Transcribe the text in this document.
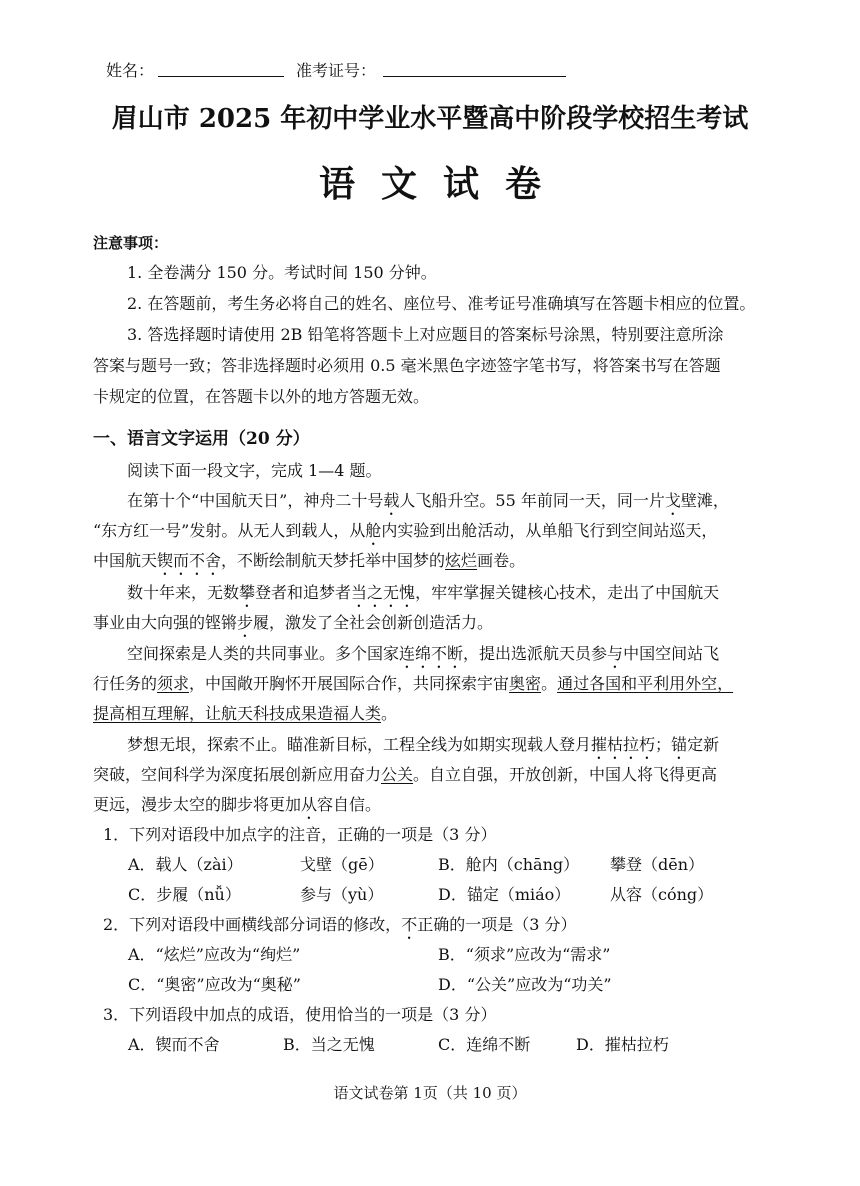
姓名：	准考证号：
眉山市 2025 年初中学业水平暨高中阶段学校招生考试
语文试卷
注意事项：
1. 全卷满分 150 分。考试时间 150 分钟。
2. 在答题前，考生务必将自己的姓名、座位号、准考证号准确填写在答题卡相应的位置。
3. 答选择题时请使用 2B 铅笔将答题卡上对应题目的答案标号涂黑，特别要注意所涂
答案与题号一致；答非选择题时必须用 0.5 毫米黑色字迹签字笔书写，将答案书写在答题
卡规定的位置，在答题卡以外的地方答题无效。
一、语言文字运用（20 分）
阅读下面一段文字，完成 1—4 题。
在第十个“中国航天日”，神舟二十号载人飞船升空。55 年前同一天，同一片戈壁滩，
“东方红一号”发射。从无人到载人，从舱内实验到出舱活动，从单船飞行到空间站巡天，
中国航天锲而不舍，不断绘制航天梦托举中国梦的炫烂画卷。
数十年来，无数攀登者和追梦者当之无愧，牢牢掌握关键核心技术，走出了中国航天
事业由大向强的铿锵步履，激发了全社会创新创造活力。
空间探索是人类的共同事业。多个国家连绵不断，提出选派航天员参与中国空间站飞
行任务的须求，中国敞开胸怀开展国际合作，共同探索宇宙奥密。通过各国和平利用外空，
提高相互理解，让航天科技成果造福人类。
梦想无垠，探索不止。瞄准新目标，工程全线为如期实现载人登月摧枯拉朽；锚定新
突破，空间科学为深度拓展创新应用奋力公关。自立自强，开放创新，中国人将飞得更高
更远，漫步太空的脚步将更加从容自信。
1．下列对语段中加点字的注音，正确的一项是（3 分）
A．载人（zài）	戈壁（gē）	B．舱内（chāng） 攀登（dēn）
C．步履（nǚ）	参与（yù）	D．锚定（miáo） 从容（cóng）
2．下列对语段中画横线部分词语的修改，不正确的一项是（3 分）
A．“炫烂”应改为“绚烂”	B．“须求”应改为“需求”
C．“奥密”应改为“奥秘”	D．“公关”应改为“功关”
3．下列语段中加点的成语，使用恰当的一项是（3 分）
A．锲而不舍	B．当之无愧	C．连绵不断	D．摧枯拉朽
语文试卷第 1页（共 10 页）
